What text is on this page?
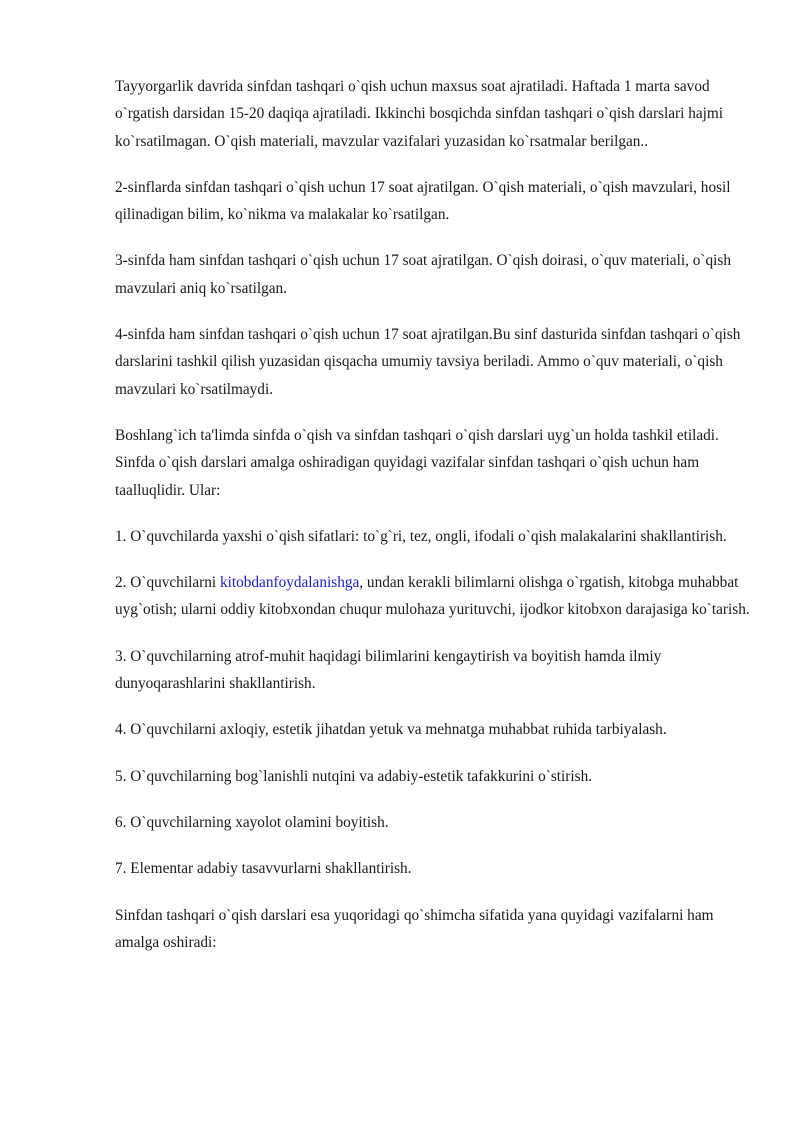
Tayyorgarlik davrida sinfdan tashqari o`qish uchun maxsus soat ajratiladi. Haftada 1 marta savod o`rgatish darsidan 15-20 daqiqa ajratiladi. Ikkinchi bosqichda sinfdan tashqari o`qish darslari hajmi ko`rsatilmagan. O`qish materiali, mavzular vazifalari yuzasidan ko`rsatmalar berilgan..

2-sinflarda sinfdan tashqari o`qish uchun 17 soat ajratilgan. O`qish materiali, o`qish mavzulari, hosil qilinadigan bilim, ko`nikma va malakalar ko`rsatilgan.

3-sinfda ham sinfdan tashqari o`qish uchun 17 soat ajratilgan. O`qish doirasi, o`quv materiali, o`qish mavzulari aniq ko`rsatilgan.

4-sinfda ham sinfdan tashqari o`qish uchun 17 soat ajratilgan.Bu sinf dasturida sinfdan tashqari o`qish darslarini tashkil qilish yuzasidan qisqacha umumiy tavsiya beriladi. Ammo o`quv materiali, o`qish mavzulari ko`rsatilmaydi.

Boshlang`ich ta'limda sinfda o`qish va sinfdan tashqari o`qish darslari uyg`un holda tashkil etiladi. Sinfda o`qish darslari amalga oshiradigan quyidagi vazifalar sinfdan tashqari o`qish uchun ham taalluqlidir. Ular:

1. O`quvchilarda yaxshi o`qish sifatlari: to`g`ri, tez, ongli, ifodali o`qish malakalarini shakllantirish.

2. O`quvchilarni kitobdanfoydalanishga, undan kerakli bilimlarni olishga o`rgatish, kitobga muhabbat uyg`otish; ularni oddiy kitobxondan chuqur mulohaza yurituvchi, ijodkor kitobxon darajasiga ko`tarish.

3. O`quvchilarning atrof-muhit haqidagi bilimlarini kengaytirish va boyitish hamda ilmiy dunyoqarashlarini shakllantirish.

4. O`quvchilarni axloqiy, estetik jihatdan yetuk va mehnatga muhabbat ruhida tarbiyalash.

5. O`quvchilarning bog`lanishli nutqini va adabiy-estetik tafakkurini o`stirish.

6. O`quvchilarning xayolot olamini boyitish.

7. Elementar adabiy tasavvurlarni shakllantirish.

Sinfdan tashqari o`qish darslari esa yuqoridagi qo`shimcha sifatida yana quyidagi vazifalarni ham amalga oshiradi:
